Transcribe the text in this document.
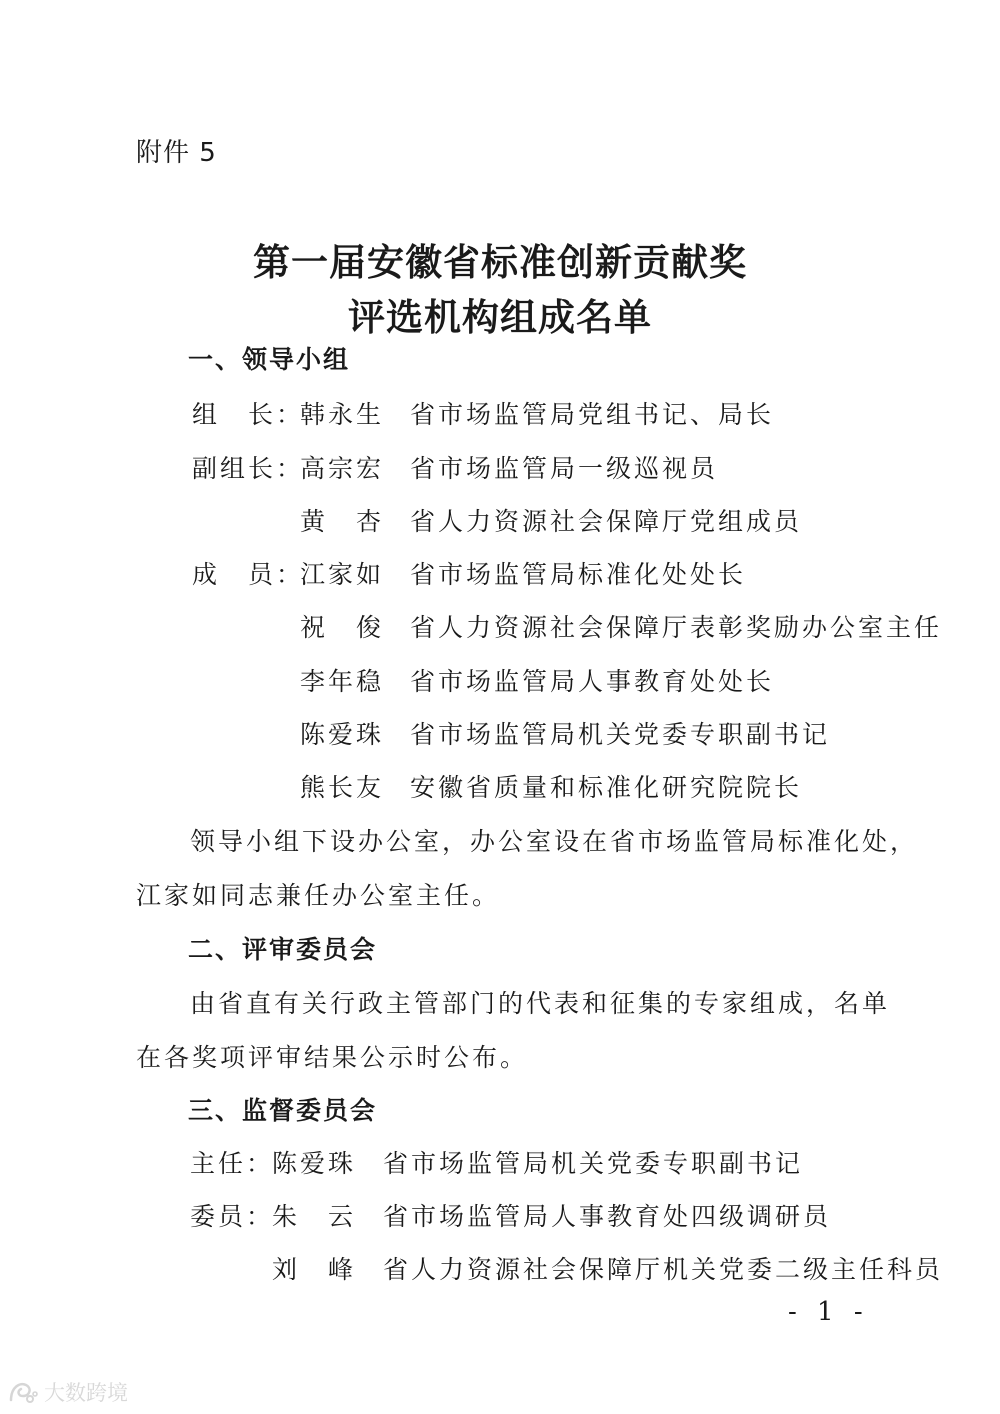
附件 5
第一届安徽省标准创新贡献奖
评选机构组成名单
一、领导小组
组　长：
韩永生 省市场监管局党组书记、局长
副组长：
高宗宏 省市场监管局一级巡视员
黄　杏 省人力资源社会保障厅党组成员
成　员：
江家如 省市场监管局标准化处处长
祝　俊 省人力资源社会保障厅表彰奖励办公室主任
李年稳 省市场监管局人事教育处处长
陈爱珠 省市场监管局机关党委专职副书记
熊长友 安徽省质量和标准化研究院院长
领导小组下设办公室，办公室设在省市场监管局标准化处，
江家如同志兼任办公室主任。
二、评审委员会
由省直有关行政主管部门的代表和征集的专家组成，名单
在各奖项评审结果公示时公布。
三、监督委员会
主任：
陈爱珠 省市场监管局机关党委专职副书记
委员：
朱　云 省市场监管局人事教育处四级调研员
刘　峰 省人力资源社会保障厅机关党委二级主任科员
- 1 -
大数跨境
